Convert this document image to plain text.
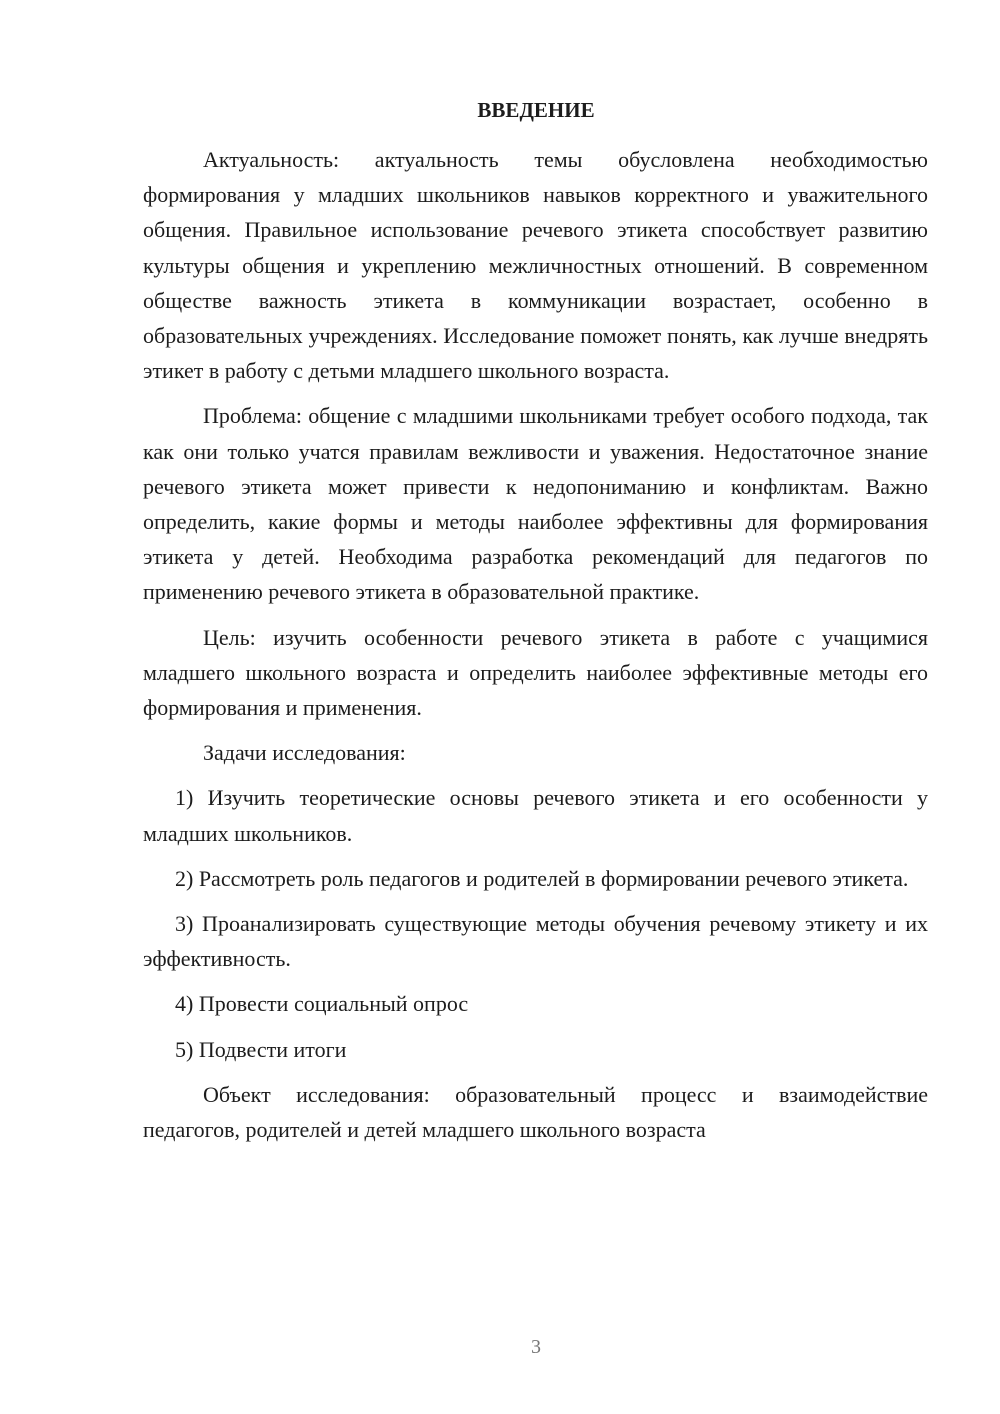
ВВЕДЕНИЕ

Актуальность: актуальность темы обусловлена необходимостью формирования у младших школьников навыков корректного и уважительного общения. Правильное использование речевого этикета способствует развитию культуры общения и укреплению межличностных отношений. В современном обществе важность этикета в коммуникации возрастает, особенно в образовательных учреждениях. Исследование поможет понять, как лучше внедрять этикет в работу с детьми младшего школьного возраста.

Проблема: общение с младшими школьниками требует особого подхода, так как они только учатся правилам вежливости и уважения. Недостаточное знание речевого этикета может привести к недопониманию и конфликтам. Важно определить, какие формы и методы наиболее эффективны для формирования этикета у детей. Необходима разработка рекомендаций для педагогов по применению речевого этикета в образовательной практике.

Цель: изучить особенности речевого этикета в работе с учащимися младшего школьного возраста и определить наиболее эффективные методы его формирования и применения.

Задачи исследования:

1) Изучить теоретические основы речевого этикета и его особенности у младших школьников.

2) Рассмотреть роль педагогов и родителей в формировании речевого этикета.

3) Проанализировать существующие методы обучения речевому этикету и их эффективность.

4) Провести социальный опрос

5) Подвести итоги

Объект исследования: образовательный процесс и взаимодействие педагогов, родителей и детей младшего школьного возраста

3
